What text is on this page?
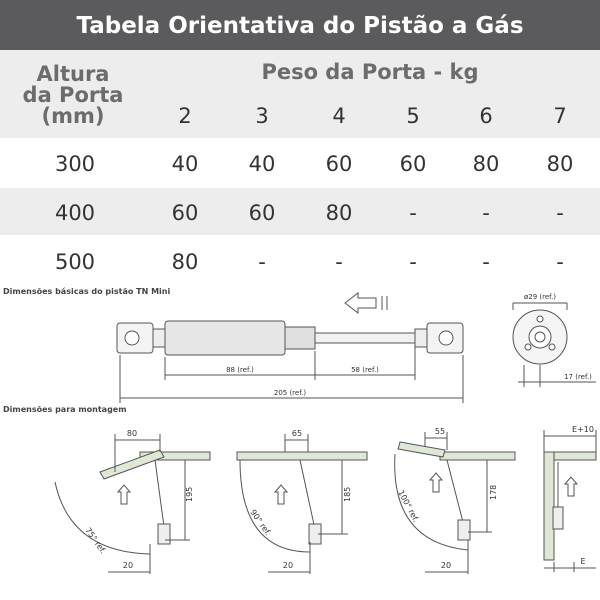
Tabela Orientativa do Pistão a Gás
Altura
da Porta
(mm)
Peso da Porta - kg
2	3	4	5	6	7
300	40	40	60	60	80	80
400	60	60	80	-	-	-
500	80	-	-	-	-	-
Dimensões básicas do pistão TN Mini
Dimensões para montagem
88 (ref.)	58 (ref.)
205 (ref.)
ø29 (ref.)
17 (ref.)
80
195
20
75° ref.
65
185
20
90° ref.
55
178
20
100° ref.
E+10
E
